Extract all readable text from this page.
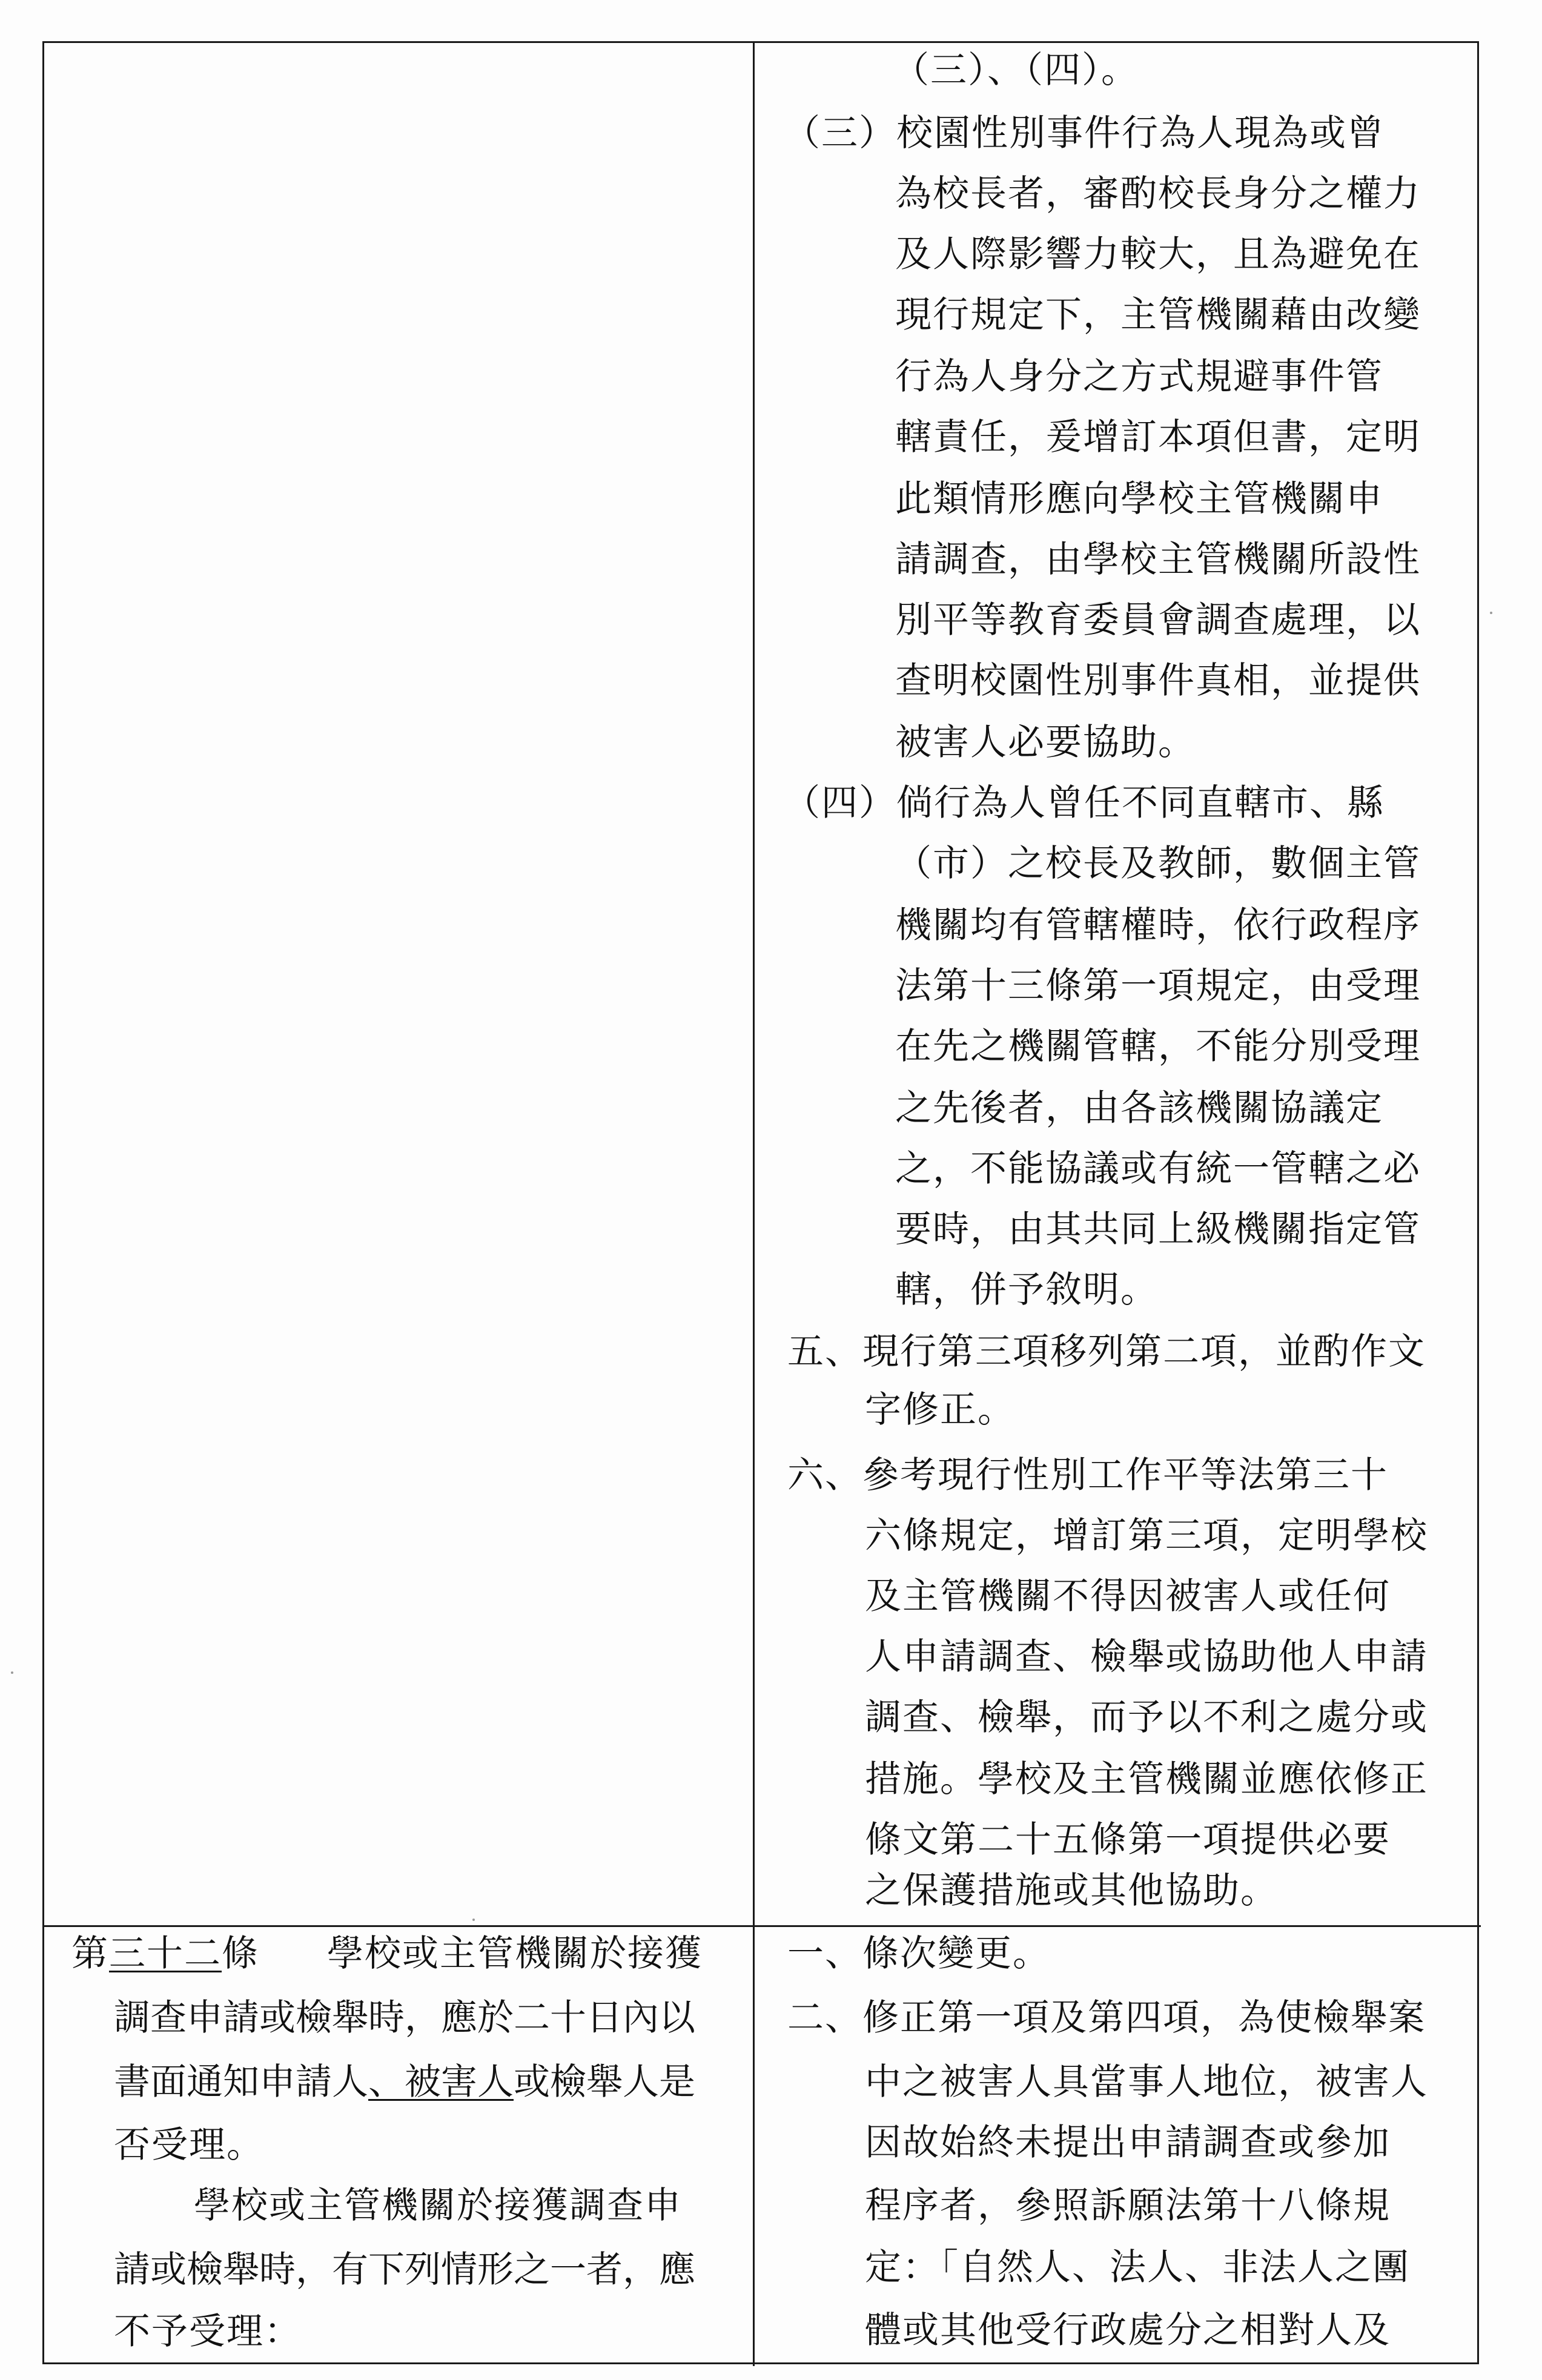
（三）、（四）。
（三）校園性別事件行為人現為或曾
為校長者，審酌校長身分之權力
及人際影響力較大，且為避免在
現行規定下，主管機關藉由改變
行為人身分之方式規避事件管
轄責任，爰增訂本項但書，定明
此類情形應向學校主管機關申
請調查，由學校主管機關所設性
別平等教育委員會調查處理，以
查明校園性別事件真相，並提供
被害人必要協助。
（四）倘行為人曾任不同直轄市、縣
（市）之校長及教師，數個主管
機關均有管轄權時，依行政程序
法第十三條第一項規定，由受理
在先之機關管轄，不能分別受理
之先後者，由各該機關協議定
之，不能協議或有統一管轄之必
要時，由其共同上級機關指定管
轄，併予敘明。
五、現行第三項移列第二項，並酌作文
字修正。
六、參考現行性別工作平等法第三十
六條規定，增訂第三項，定明學校
及主管機關不得因被害人或任何
人申請調查、檢舉或協助他人申請
調查、檢舉，而予以不利之處分或
措施。學校及主管機關並應依修正
條文第二十五條第一項提供必要
之保護措施或其他協助。
第三十二條 學校或主管機關於接獲
調查申請或檢舉時，應於二十日內以
書面通知申請人、被害人或檢舉人是
否受理。
學校或主管機關於接獲調查申
請或檢舉時，有下列情形之一者，應
不予受理：
一、條次變更。
二、修正第一項及第四項，為使檢舉案
中之被害人具當事人地位，被害人
因故始終未提出申請調查或參加
程序者，參照訴願法第十八條規
定：「自然人、法人、非法人之團
體或其他受行政處分之相對人及
